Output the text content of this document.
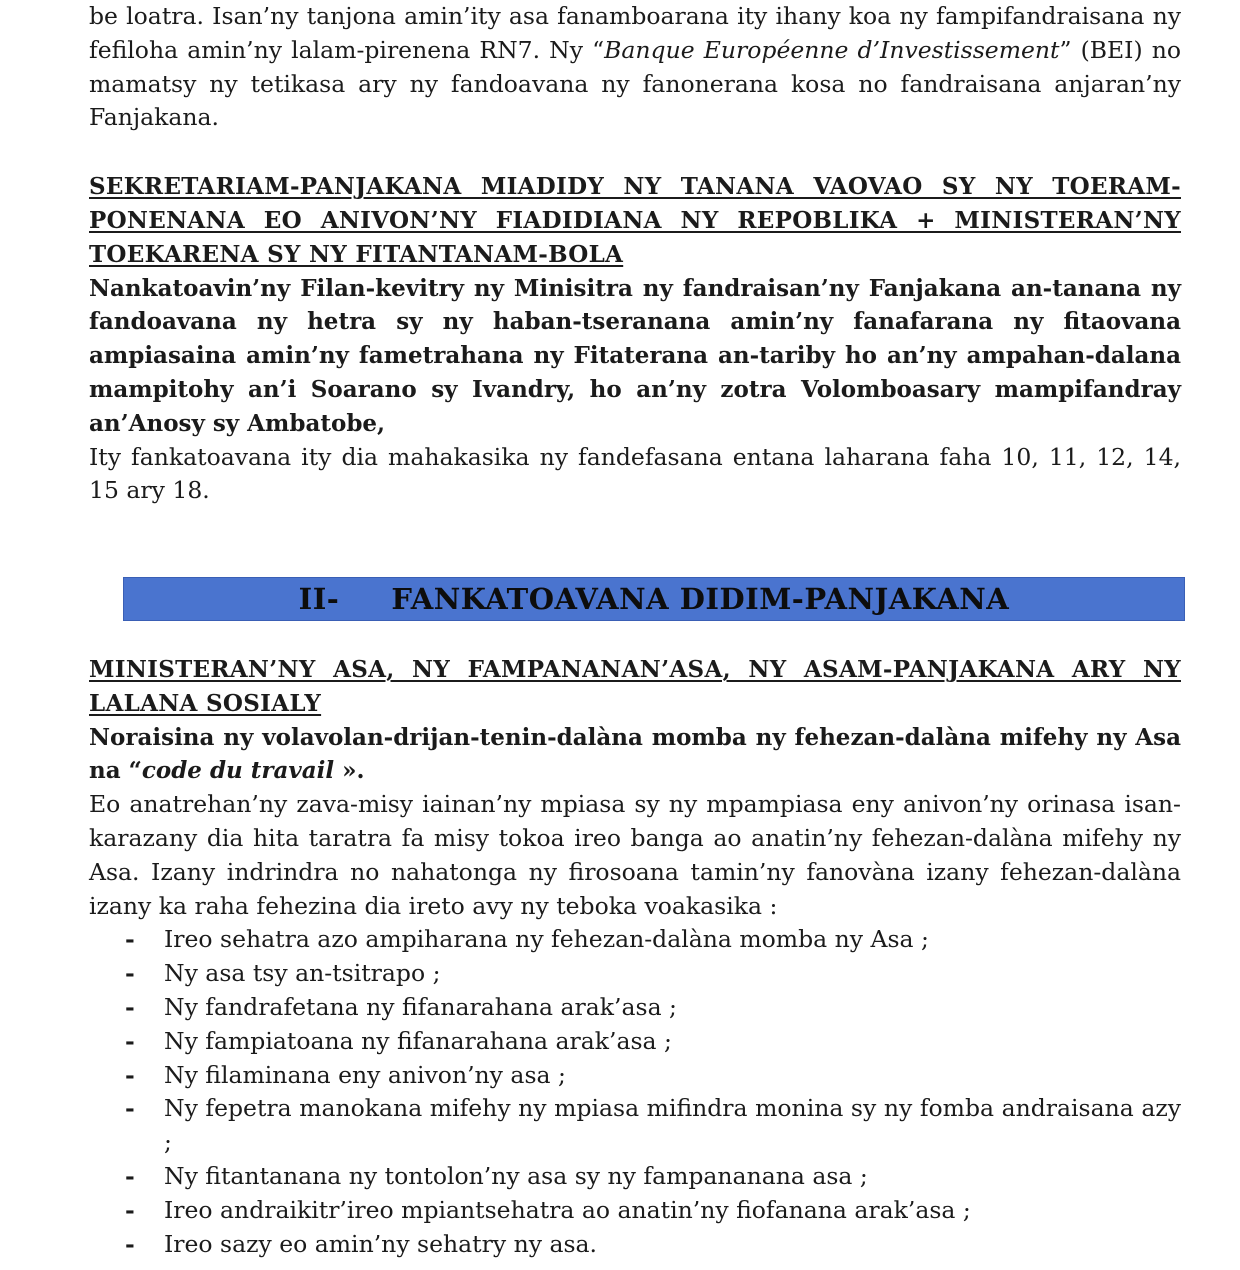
be loatra. Isan’ny tanjona amin’ity asa fanamboarana ity ihany koa ny fampifandraisana ny fefiloha amin’ny lalam-pirenena RN7. Ny “Banque Européenne d’Investissement” (BEI) no mamatsy ny tetikasa ary ny fandoavana ny fanonerana kosa no fandraisana anjaran’ny Fanjakana.

SEKRETARIAM-PANJAKANA MIADIDY NY TANANA VAOVAO SY NY TOERAM-PONENANA EO ANIVON’NY FIADIDIANA NY REPOBLIKA + MINISTERAN’NY TOEKARENA SY NY FITANTANAM-BOLA

Nankatoavin’ny Filan-kevitry ny Minisitra ny fandraisan’ny Fanjakana an-tanana ny fandoavana ny hetra sy ny haban-tseranana amin’ny fanafarana ny fitaovana ampiasaina amin’ny fametrahana ny Fitaterana an-tariby ho an’ny ampahan-dalana mampitohy an’i Soarano sy Ivandry, ho an’ny zotra Volomboasary mampifandray an’Anosy sy Ambatobe,

Ity fankatoavana ity dia mahakasika ny fandefasana entana laharana faha 10, 11, 12, 14, 15 ary 18.

II- FANKATOAVANA DIDIM-PANJAKANA

MINISTERAN’NY ASA, NY FAMPANANAN’ASA, NY ASAM-PANJAKANA ARY NY LALANA SOSIALY

Noraisina ny volavolan-drijan-tenin-dalàna momba ny fehezan-dalàna mifehy ny Asa na “code du travail ».

Eo anatrehan’ny zava-misy iainan’ny mpiasa sy ny mpampiasa eny anivon’ny orinasa isan-karazany dia hita taratra fa misy tokoa ireo banga ao anatin’ny fehezan-dalàna mifehy ny Asa. Izany indrindra no nahatonga ny firosoana tamin’ny fanovàna izany fehezan-dalàna izany ka raha fehezina dia ireto avy ny teboka voakasika :

- Ireo sehatra azo ampiharana ny fehezan-dalàna momba ny Asa ;
- Ny asa tsy an-tsitrapo ;
- Ny fandrafetana ny fifanarahana arak’asa ;
- Ny fampiatoana ny fifanarahana arak’asa ;
- Ny filaminana eny anivon’ny asa ;
- Ny fepetra manokana mifehy ny mpiasa mifindra monina sy ny fomba andraisana azy ;
- Ny fitantanana ny tontolon’ny asa sy ny fampananana asa ;
- Ireo andraikitr’ireo mpiantsehatra ao anatin’ny fiofanana arak’asa ;
- Ireo sazy eo amin’ny sehatry ny asa.
